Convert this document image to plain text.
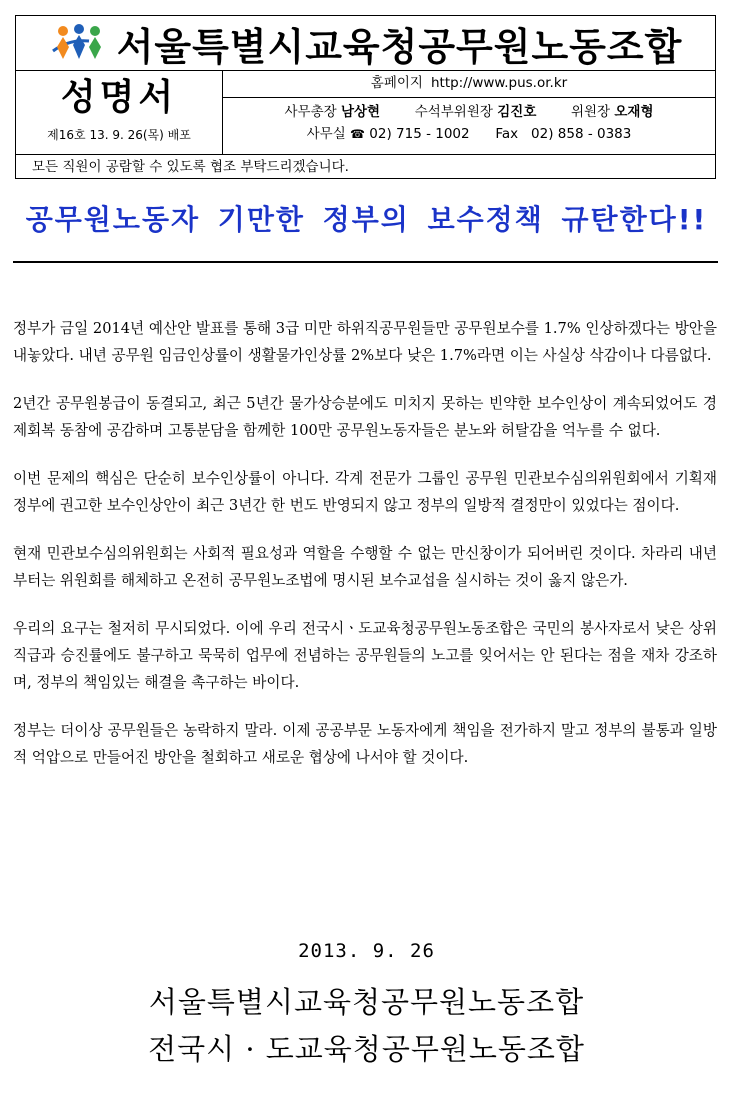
서울특별시교육청공무원노동조합
성명서
제16호 13. 9. 26(목) 배포
홈페이지 http://www.pus.or.kr
사무총장 남상현	수석부위원장 김진호	위원장 오재형
사무실 ☎ 02) 715 - 1002 Fax 02) 858 - 0383
모든 직원이 공람할 수 있도록 협조 부탁드리겠습니다.
공무원노동자 기만한 정부의 보수정책 규탄한다!!

정부가 금일 2014년 예산안 발표를 통해 3급 미만 하위직공무원들만 공무원보수를 1.7% 인상하겠다는 방안을 내놓았다. 내년 공무원 임금인상률이 생활물가인상률 2%보다 낮은 1.7%라면 이는 사실상 삭감이나 다름없다.

2년간 공무원봉급이 동결되고, 최근 5년간 물가상승분에도 미치지 못하는 빈약한 보수인상이 계속되었어도 경제회복 동참에 공감하며 고통분담을 함께한 100만 공무원노동자들은 분노와 허탈감을 억누를 수 없다.

이번 문제의 핵심은 단순히 보수인상률이 아니다. 각계 전문가 그룹인 공무원 민관보수심의위원회에서 기획재정부에 권고한 보수인상안이 최근 3년간 한 번도 반영되지 않고 정부의 일방적 결정만이 있었다는 점이다.

현재 민관보수심의위원회는 사회적 필요성과 역할을 수행할 수 없는 만신창이가 되어버린 것이다. 차라리 내년부터는 위원회를 해체하고 온전히 공무원노조법에 명시된 보수교섭을 실시하는 것이 옳지 않은가.

우리의 요구는 철저히 무시되었다. 이에 우리 전국시ㆍ도교육청공무원노동조합은 국민의 봉사자로서 낮은 상위직급과 승진률에도 불구하고 묵묵히 업무에 전념하는 공무원들의 노고를 잊어서는 안 된다는 점을 재차 강조하며, 정부의 책임있는 해결을 촉구하는 바이다.

정부는 더이상 공무원들은 농락하지 말라. 이제 공공부문 노동자에게 책임을 전가하지 말고 정부의 불통과 일방적 억압으로 만들어진 방안을 철회하고 새로운 협상에 나서야 할 것이다.

2013. 9. 26
서울특별시교육청공무원노동조합
전국시 · 도교육청공무원노동조합
